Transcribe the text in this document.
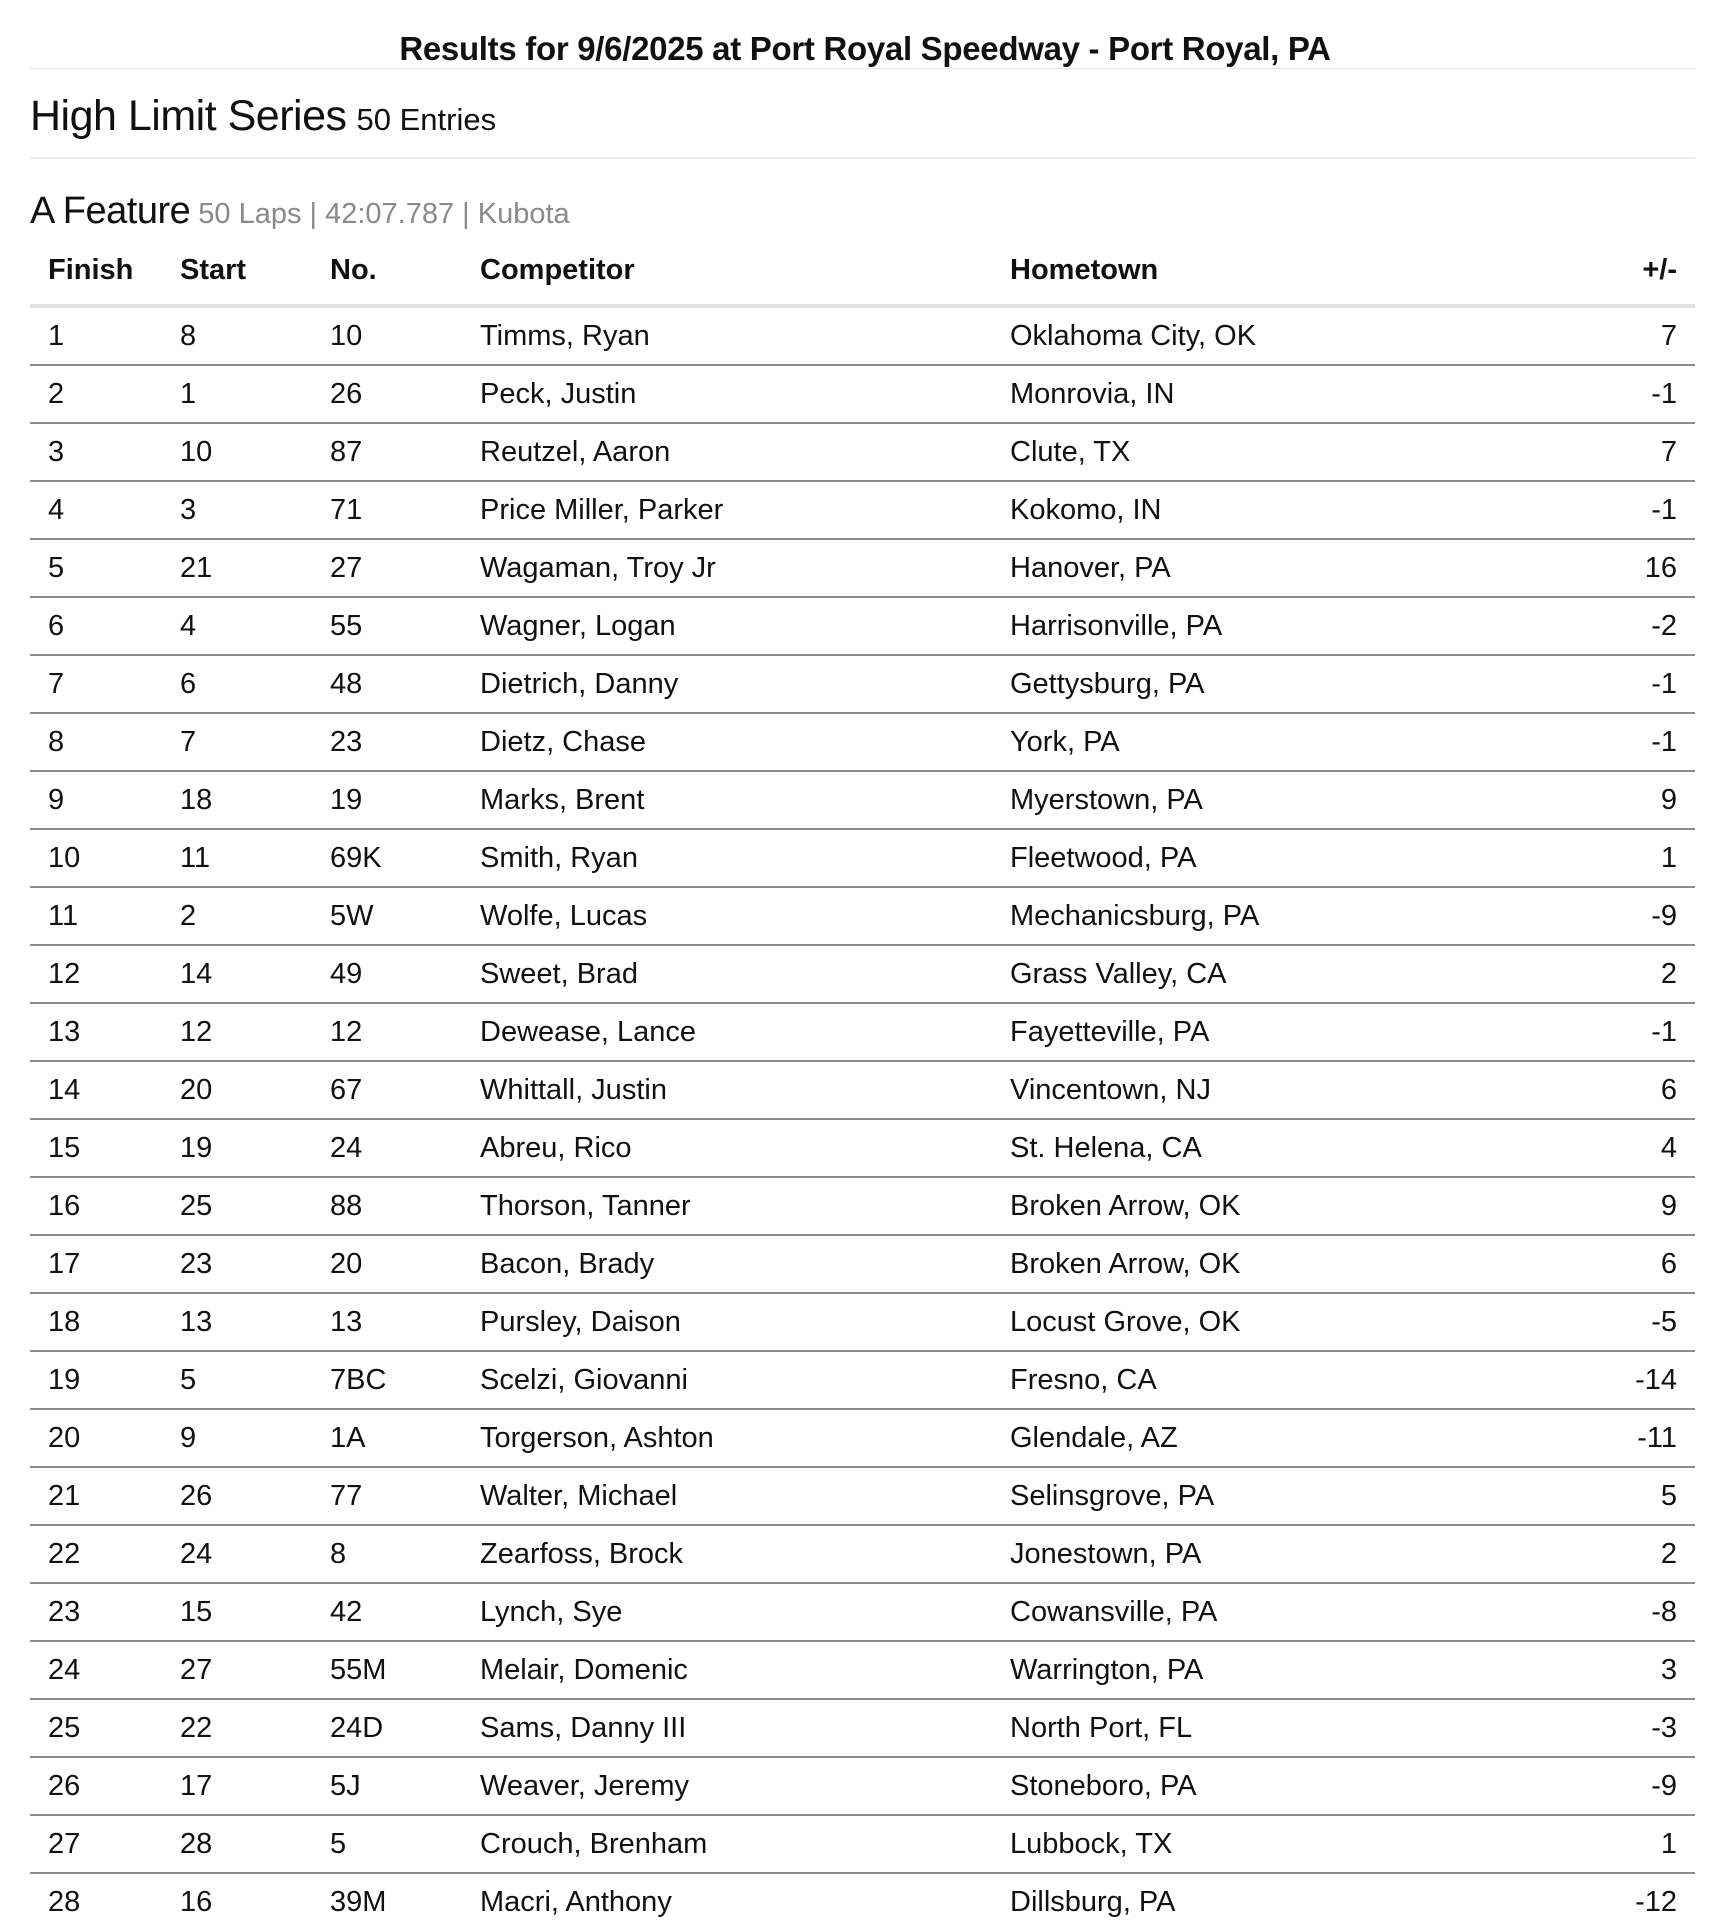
Results for 9/6/2025 at Port Royal Speedway - Port Royal, PA
High Limit Series 50 Entries
A Feature 50 Laps | 42:07.787 | Kubota
Finish	Start	No.	Competitor	Hometown	+/-
1	8	10	Timms, Ryan	Oklahoma City, OK	7
2	1	26	Peck, Justin	Monrovia, IN	-1
3	10	87	Reutzel, Aaron	Clute, TX	7
4	3	71	Price Miller, Parker	Kokomo, IN	-1
5	21	27	Wagaman, Troy Jr	Hanover, PA	16
6	4	55	Wagner, Logan	Harrisonville, PA	-2
7	6	48	Dietrich, Danny	Gettysburg, PA	-1
8	7	23	Dietz, Chase	York, PA	-1
9	18	19	Marks, Brent	Myerstown, PA	9
10	11	69K	Smith, Ryan	Fleetwood, PA	1
11	2	5W	Wolfe, Lucas	Mechanicsburg, PA	-9
12	14	49	Sweet, Brad	Grass Valley, CA	2
13	12	12	Dewease, Lance	Fayetteville, PA	-1
14	20	67	Whittall, Justin	Vincentown, NJ	6
15	19	24	Abreu, Rico	St. Helena, CA	4
16	25	88	Thorson, Tanner	Broken Arrow, OK	9
17	23	20	Bacon, Brady	Broken Arrow, OK	6
18	13	13	Pursley, Daison	Locust Grove, OK	-5
19	5	7BC	Scelzi, Giovanni	Fresno, CA	-14
20	9	1A	Torgerson, Ashton	Glendale, AZ	-11
21	26	77	Walter, Michael	Selinsgrove, PA	5
22	24	8	Zearfoss, Brock	Jonestown, PA	2
23	15	42	Lynch, Sye	Cowansville, PA	-8
24	27	55M	Melair, Domenic	Warrington, PA	3
25	22	24D	Sams, Danny III	North Port, FL	-3
26	17	5J	Weaver, Jeremy	Stoneboro, PA	-9
27	28	5	Crouch, Brenham	Lubbock, TX	1
28	16	39M	Macri, Anthony	Dillsburg, PA	-12
